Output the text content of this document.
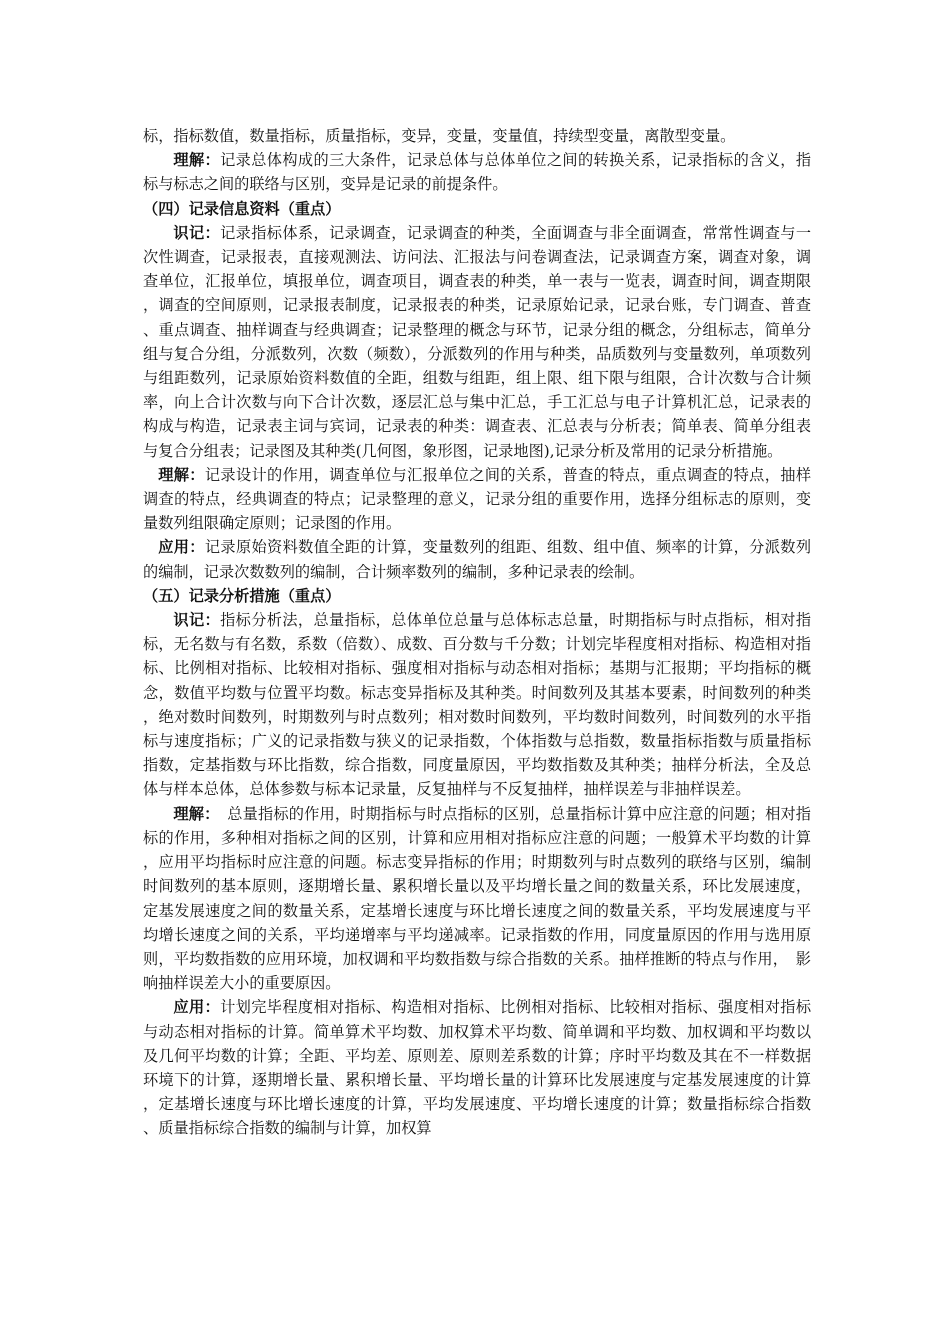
标，指标数值，数量指标，质量指标，变异，变量，变量值，持续型变量，离散型变量。

理解：记录总体构成的三大条件，记录总体与总体单位之间的转换关系，记录指标的含义，指标与标志之间的联络与区别，变异是记录的前提条件。

（四）记录信息资料（重点）

识记：记录指标体系，记录调查，记录调查的种类，全面调查与非全面调查，常常性调查与一次性调查，记录报表，直接观测法、访问法、汇报法与问卷调查法，记录调查方案，调查对象，调查单位，汇报单位，填报单位，调查项目，调查表的种类，单一表与一览表，调查时间，调查期限，调查的空间原则，记录报表制度，记录报表的种类，记录原始记录，记录台账，专门调查、普查、重点调查、抽样调查与经典调查；记录整理的概念与环节，记录分组的概念，分组标志，简单分组与复合分组，分派数列，次数（频数），分派数列的作用与种类，品质数列与变量数列，单项数列与组距数列，记录原始资料数值的全距，组数与组距，组上限、组下限与组限，合计次数与合计频率，向上合计次数与向下合计次数，逐层汇总与集中汇总，手工汇总与电子计算机汇总，记录表的构成与构造，记录表主词与宾词，记录表的种类：调查表、汇总表与分析表；简单表、简单分组表与复合分组表；记录图及其种类(几何图，象形图，记录地图),记录分析及常用的记录分析措施。

理解：记录设计的作用，调查单位与汇报单位之间的关系，普查的特点，重点调查的特点，抽样调查的特点，经典调查的特点；记录整理的意义，记录分组的重要作用，选择分组标志的原则，变量数列组限确定原则；记录图的作用。

应用：记录原始资料数值全距的计算，变量数列的组距、组数、组中值、频率的计算，分派数列的编制，记录次数数列的编制，合计频率数列的编制，多种记录表的绘制。

（五）记录分析措施（重点）

识记：指标分析法，总量指标，总体单位总量与总体标志总量，时期指标与时点指标，相对指标，无名数与有名数，系数（倍数）、成数、百分数与千分数；计划完毕程度相对指标、构造相对指标、比例相对指标、比较相对指标、强度相对指标与动态相对指标；基期与汇报期；平均指标的概念，数值平均数与位置平均数。标志变异指标及其种类。时间数列及其基本要素，时间数列的种类，绝对数时间数列，时期数列与时点数列；相对数时间数列，平均数时间数列，时间数列的水平指标与速度指标；广义的记录指数与狭义的记录指数，个体指数与总指数，数量指标指数与质量指标指数，定基指数与环比指数，综合指数，同度量原因，平均数指数及其种类；抽样分析法，全及总体与样本总体，总体参数与标本记录量，反复抽样与不反复抽样，抽样误差与非抽样误差。

理解：　总量指标的作用，时期指标与时点指标的区别，总量指标计算中应注意的问题；相对指标的作用，多种相对指标之间的区别，计算和应用相对指标应注意的问题；一般算术平均数的计算，应用平均指标时应注意的问题。标志变异指标的作用；时期数列与时点数列的联络与区别，编制时间数列的基本原则，逐期增长量、累积增长量以及平均增长量之间的数量关系，环比发展速度，定基发展速度之间的数量关系，定基增长速度与环比增长速度之间的数量关系，平均发展速度与平均增长速度之间的关系，平均递增率与平均递减率。记录指数的作用，同度量原因的作用与选用原则，平均数指数的应用环境，加权调和平均数指数与综合指数的关系。抽样推断的特点与作用，　影响抽样误差大小的重要原因。

应用：计划完毕程度相对指标、构造相对指标、比例相对指标、比较相对指标、强度相对指标与动态相对指标的计算。简单算术平均数、加权算术平均数、简单调和平均数、加权调和平均数以及几何平均数的计算；全距、平均差、原则差、原则差系数的计算；序时平均数及其在不一样数据环境下的计算，逐期增长量、累积增长量、平均增长量的计算环比发展速度与定基发展速度的计算，定基增长速度与环比增长速度的计算，平均发展速度、平均增长速度的计算；数量指标综合指数、质量指标综合指数的编制与计算，加权算
